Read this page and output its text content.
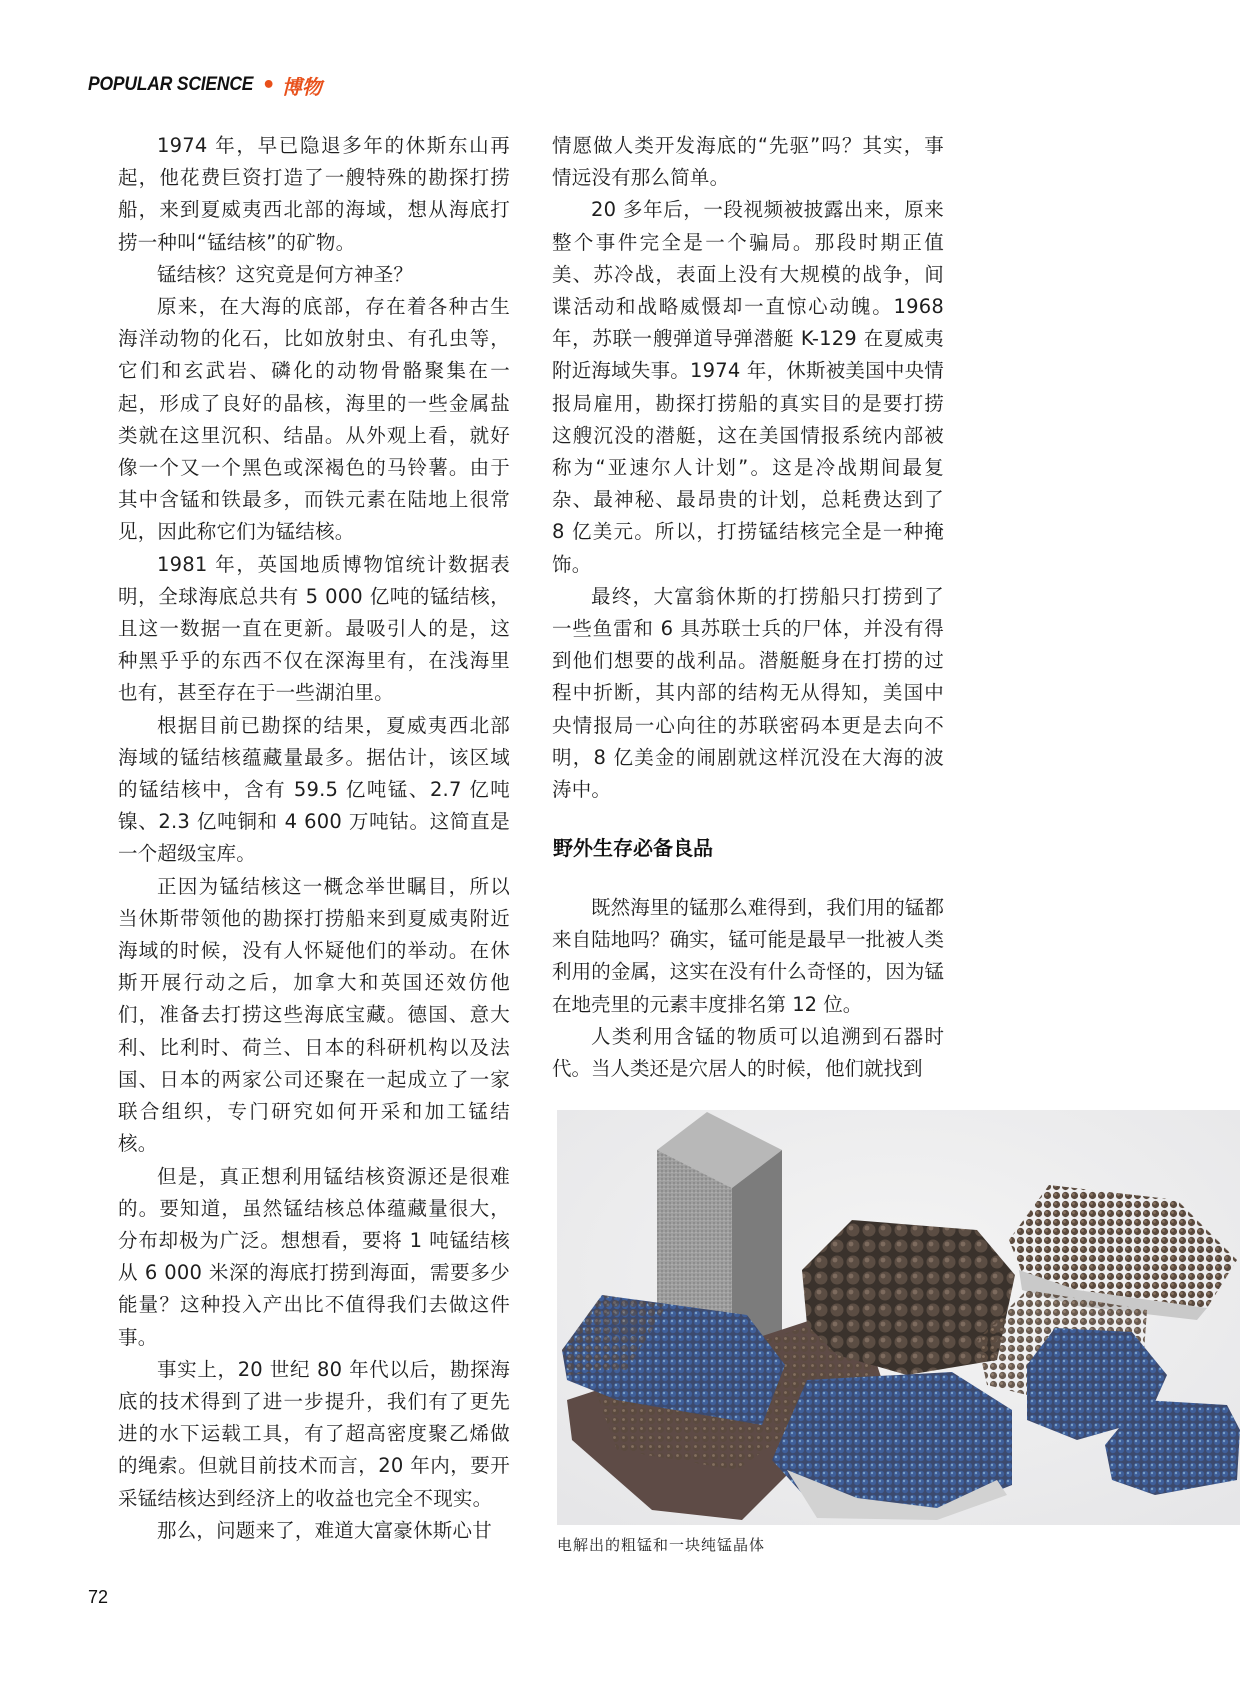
POPULAR SCIENCE • 博物

1974 年，早已隐退多年的休斯东山再起，他花费巨资打造了一艘特殊的勘探打捞船，来到夏威夷西北部的海域，想从海底打捞一种叫“锰结核”的矿物。

锰结核？这究竟是何方神圣？

原来，在大海的底部，存在着各种古生海洋动物的化石，比如放射虫、有孔虫等，它们和玄武岩、磷化的动物骨骼聚集在一起，形成了良好的晶核，海里的一些金属盐类就在这里沉积、结晶。从外观上看，就好像一个又一个黑色或深褐色的马铃薯。由于其中含锰和铁最多，而铁元素在陆地上很常见，因此称它们为锰结核。

1981 年，英国地质博物馆统计数据表明，全球海底总共有 5 000 亿吨的锰结核，且这一数据一直在更新。最吸引人的是，这种黑乎乎的东西不仅在深海里有，在浅海里也有，甚至存在于一些湖泊里。

根据目前已勘探的结果，夏威夷西北部海域的锰结核蕴藏量最多。据估计，该区域的锰结核中，含有 59.5 亿吨锰、2.7 亿吨镍、2.3 亿吨铜和 4 600 万吨钴。这简直是一个超级宝库。

正因为锰结核这一概念举世瞩目，所以当休斯带领他的勘探打捞船来到夏威夷附近海域的时候，没有人怀疑他们的举动。在休斯开展行动之后，加拿大和英国还效仿他们，准备去打捞这些海底宝藏。德国、意大利、比利时、荷兰、日本的科研机构以及法国、日本的两家公司还聚在一起成立了一家联合组织，专门研究如何开采和加工锰结核。

但是，真正想利用锰结核资源还是很难的。要知道，虽然锰结核总体蕴藏量很大，分布却极为广泛。想想看，要将 1 吨锰结核从 6 000 米深的海底打捞到海面，需要多少能量？这种投入产出比不值得我们去做这件事。

事实上，20 世纪 80 年代以后，勘探海底的技术得到了进一步提升，我们有了更先进的水下运载工具，有了超高密度聚乙烯做的绳索。但就目前技术而言，20 年内，要开采锰结核达到经济上的收益也完全不现实。

那么，问题来了，难道大富豪休斯心甘

情愿做人类开发海底的“先驱”吗？其实，事情远没有那么简单。

20 多年后，一段视频被披露出来，原来整个事件完全是一个骗局。那段时期正值美、苏冷战，表面上没有大规模的战争，间谍活动和战略威慑却一直惊心动魄。1968 年，苏联一艘弹道导弹潜艇 K-129 在夏威夷附近海域失事。1974 年，休斯被美国中央情报局雇用，勘探打捞船的真实目的是要打捞这艘沉没的潜艇，这在美国情报系统内部被称为“亚速尔人计划”。这是冷战期间最复杂、最神秘、最昂贵的计划，总耗费达到了 8 亿美元。所以，打捞锰结核完全是一种掩饰。

最终，大富翁休斯的打捞船只打捞到了一些鱼雷和 6 具苏联士兵的尸体，并没有得到他们想要的战利品。潜艇艇身在打捞的过程中折断，其内部的结构无从得知，美国中央情报局一心向往的苏联密码本更是去向不明，8 亿美金的闹剧就这样沉没在大海的波涛中。

野外生存必备良品

既然海里的锰那么难得到，我们用的锰都来自陆地吗？确实，锰可能是最早一批被人类利用的金属，这实在没有什么奇怪的，因为锰在地壳里的元素丰度排名第 12 位。

人类利用含锰的物质可以追溯到石器时代。当人类还是穴居人的时候，他们就找到

电解出的粗锰和一块纯锰晶体
72
